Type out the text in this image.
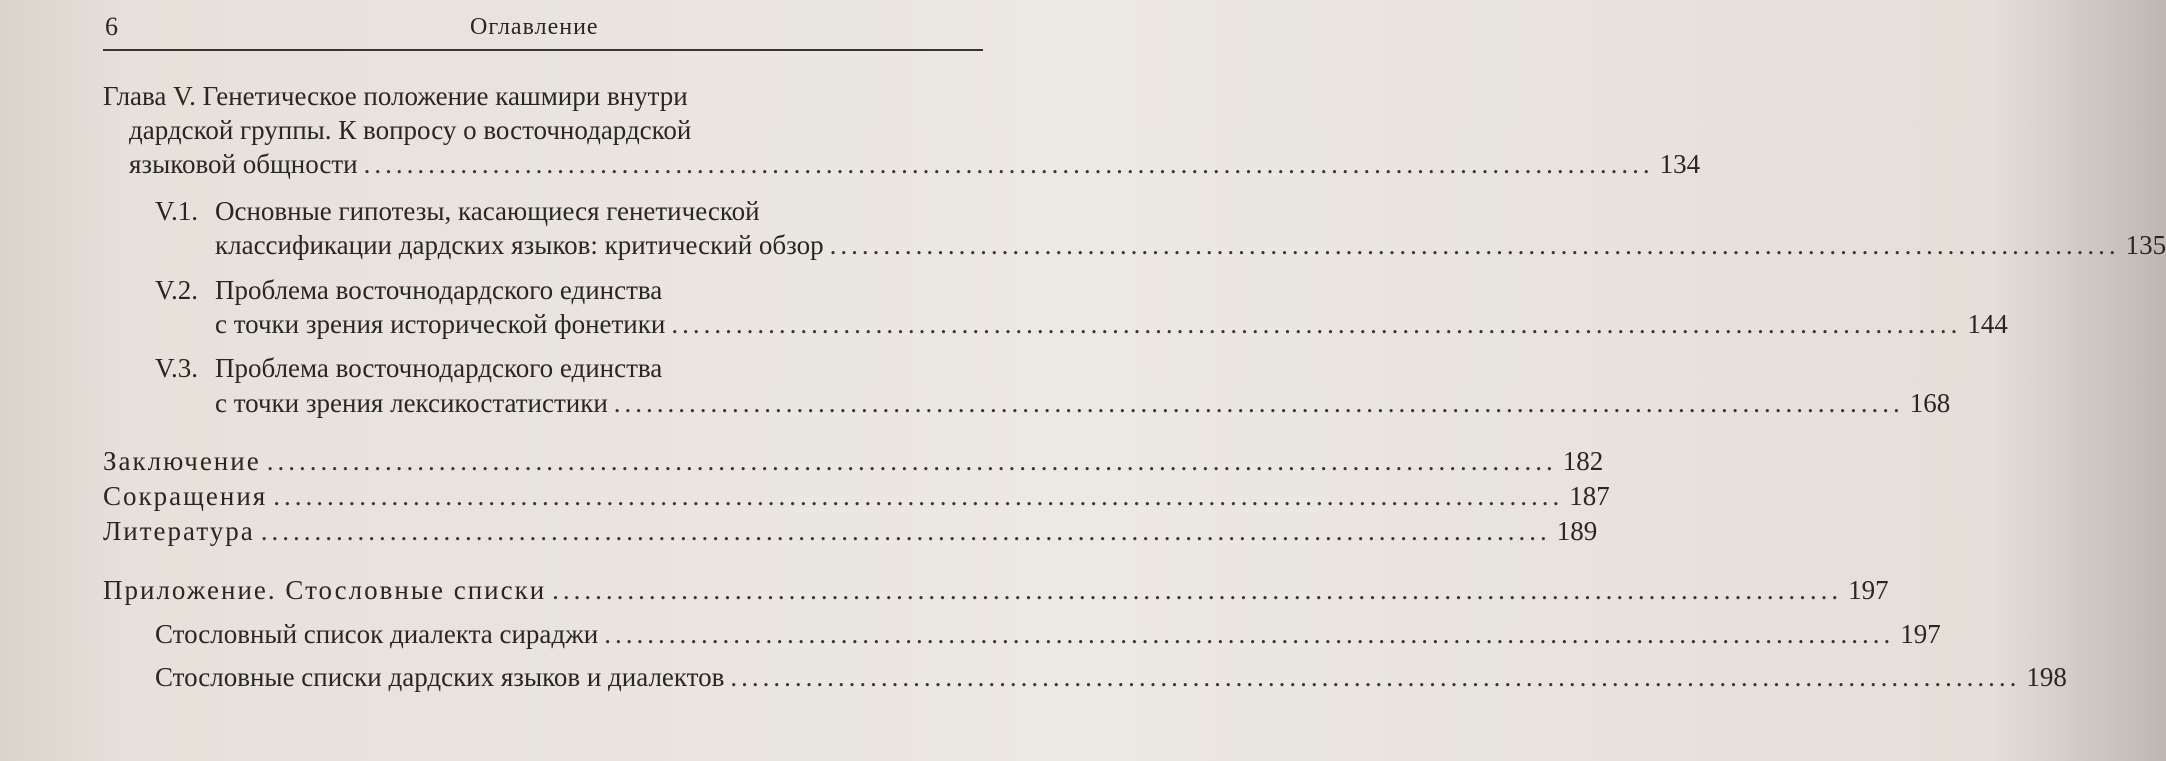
6	Оглавление
Глава V. Генетическое положение кашмири внутри
дардской группы. К вопросу о восточнодардской
языковой общности ........................................................................................................................ 134
V.1. Основные гипотезы, касающиеся генетической
классификации дардских языков: критический обзор ........................................................................................................................ 135
V.2. Проблема восточнодардского единства
с точки зрения исторической фонетики ........................................................................................................................ 144
V.3. Проблема восточнодардского единства
с точки зрения лексикостатистики ........................................................................................................................ 168
Заключение ........................................................................................................................ 182
Сокращения ........................................................................................................................ 187
Литература ........................................................................................................................ 189
Приложение. Стословные списки ........................................................................................................................ 197
Стословный список диалекта сираджи ........................................................................................................................ 197
Стословные списки дардских языков и диалектов ........................................................................................................................ 198
